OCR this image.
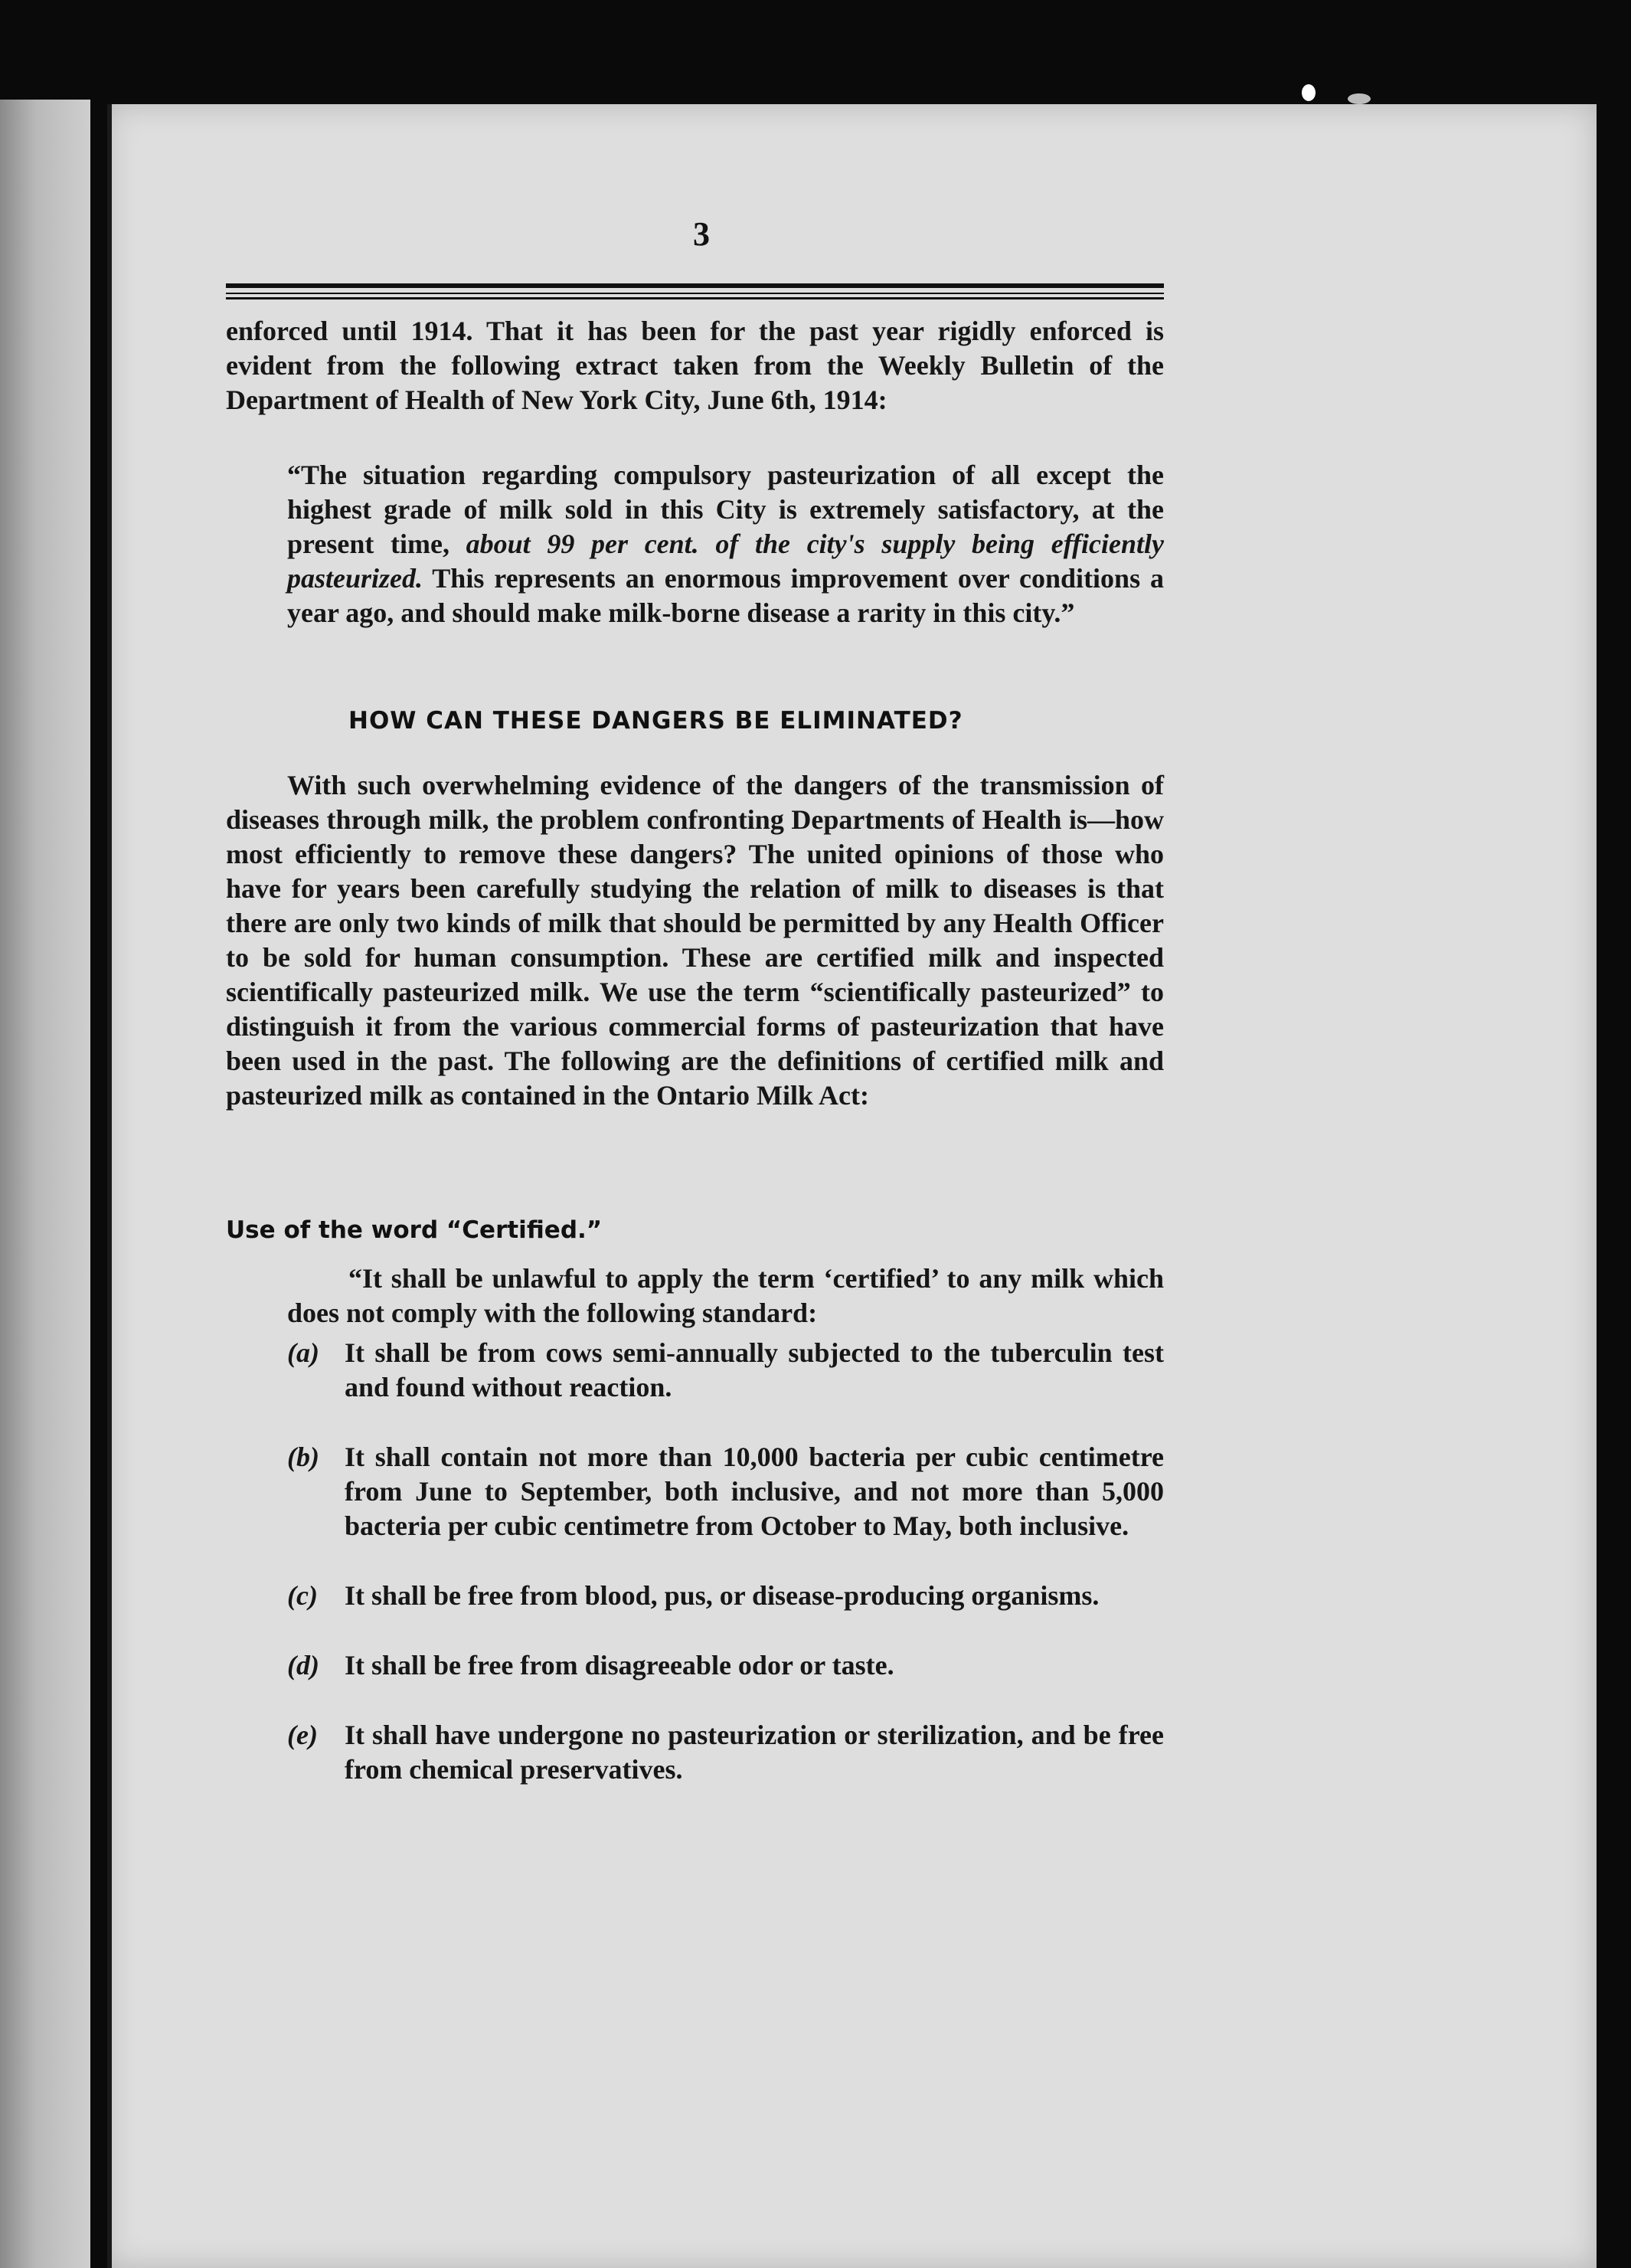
3
enforced until 1914. That it has been for the past year rigidly enforced is evident from the following extract taken from the Weekly Bulletin of the Department of Health of New York City, June 6th, 1914:
“The situation regarding compulsory pasteurization of all except the highest grade of milk sold in this City is extremely satisfactory, at the present time, about 99 per cent. of the city's supply being efficiently pasteurized. This represents an enormous improvement over conditions a year ago, and should make milk-borne disease a rarity in this city.”
HOW CAN THESE DANGERS BE ELIMINATED?
With such overwhelming evidence of the dangers of the transmission of diseases through milk, the problem confronting Departments of Health is—how most efficiently to remove these dangers? The united opinions of those who have for years been carefully studying the relation of milk to diseases is that there are only two kinds of milk that should be permitted by any Health Officer to be sold for human consumption. These are certified milk and inspected scientifically pasteurized milk. We use the term “scientifically pasteurized” to distinguish it from the various commercial forms of pasteurization that have been used in the past. The following are the definitions of certified milk and pasteurized milk as contained in the Ontario Milk Act:
Use of the word “Certified.”
“It shall be unlawful to apply the term ‘certified’ to any milk which does not comply with the following standard:
(a) It shall be from cows semi-annually subjected to the tuberculin test and found without reaction.
(b) It shall contain not more than 10,000 bacteria per cubic centimetre from June to September, both inclusive, and not more than 5,000 bacteria per cubic centimetre from October to May, both inclusive.
(c) It shall be free from blood, pus, or disease-producing organisms.
(d) It shall be free from disagreeable odor or taste.
(e) It shall have undergone no pasteurization or sterilization, and be free from chemical preservatives.
